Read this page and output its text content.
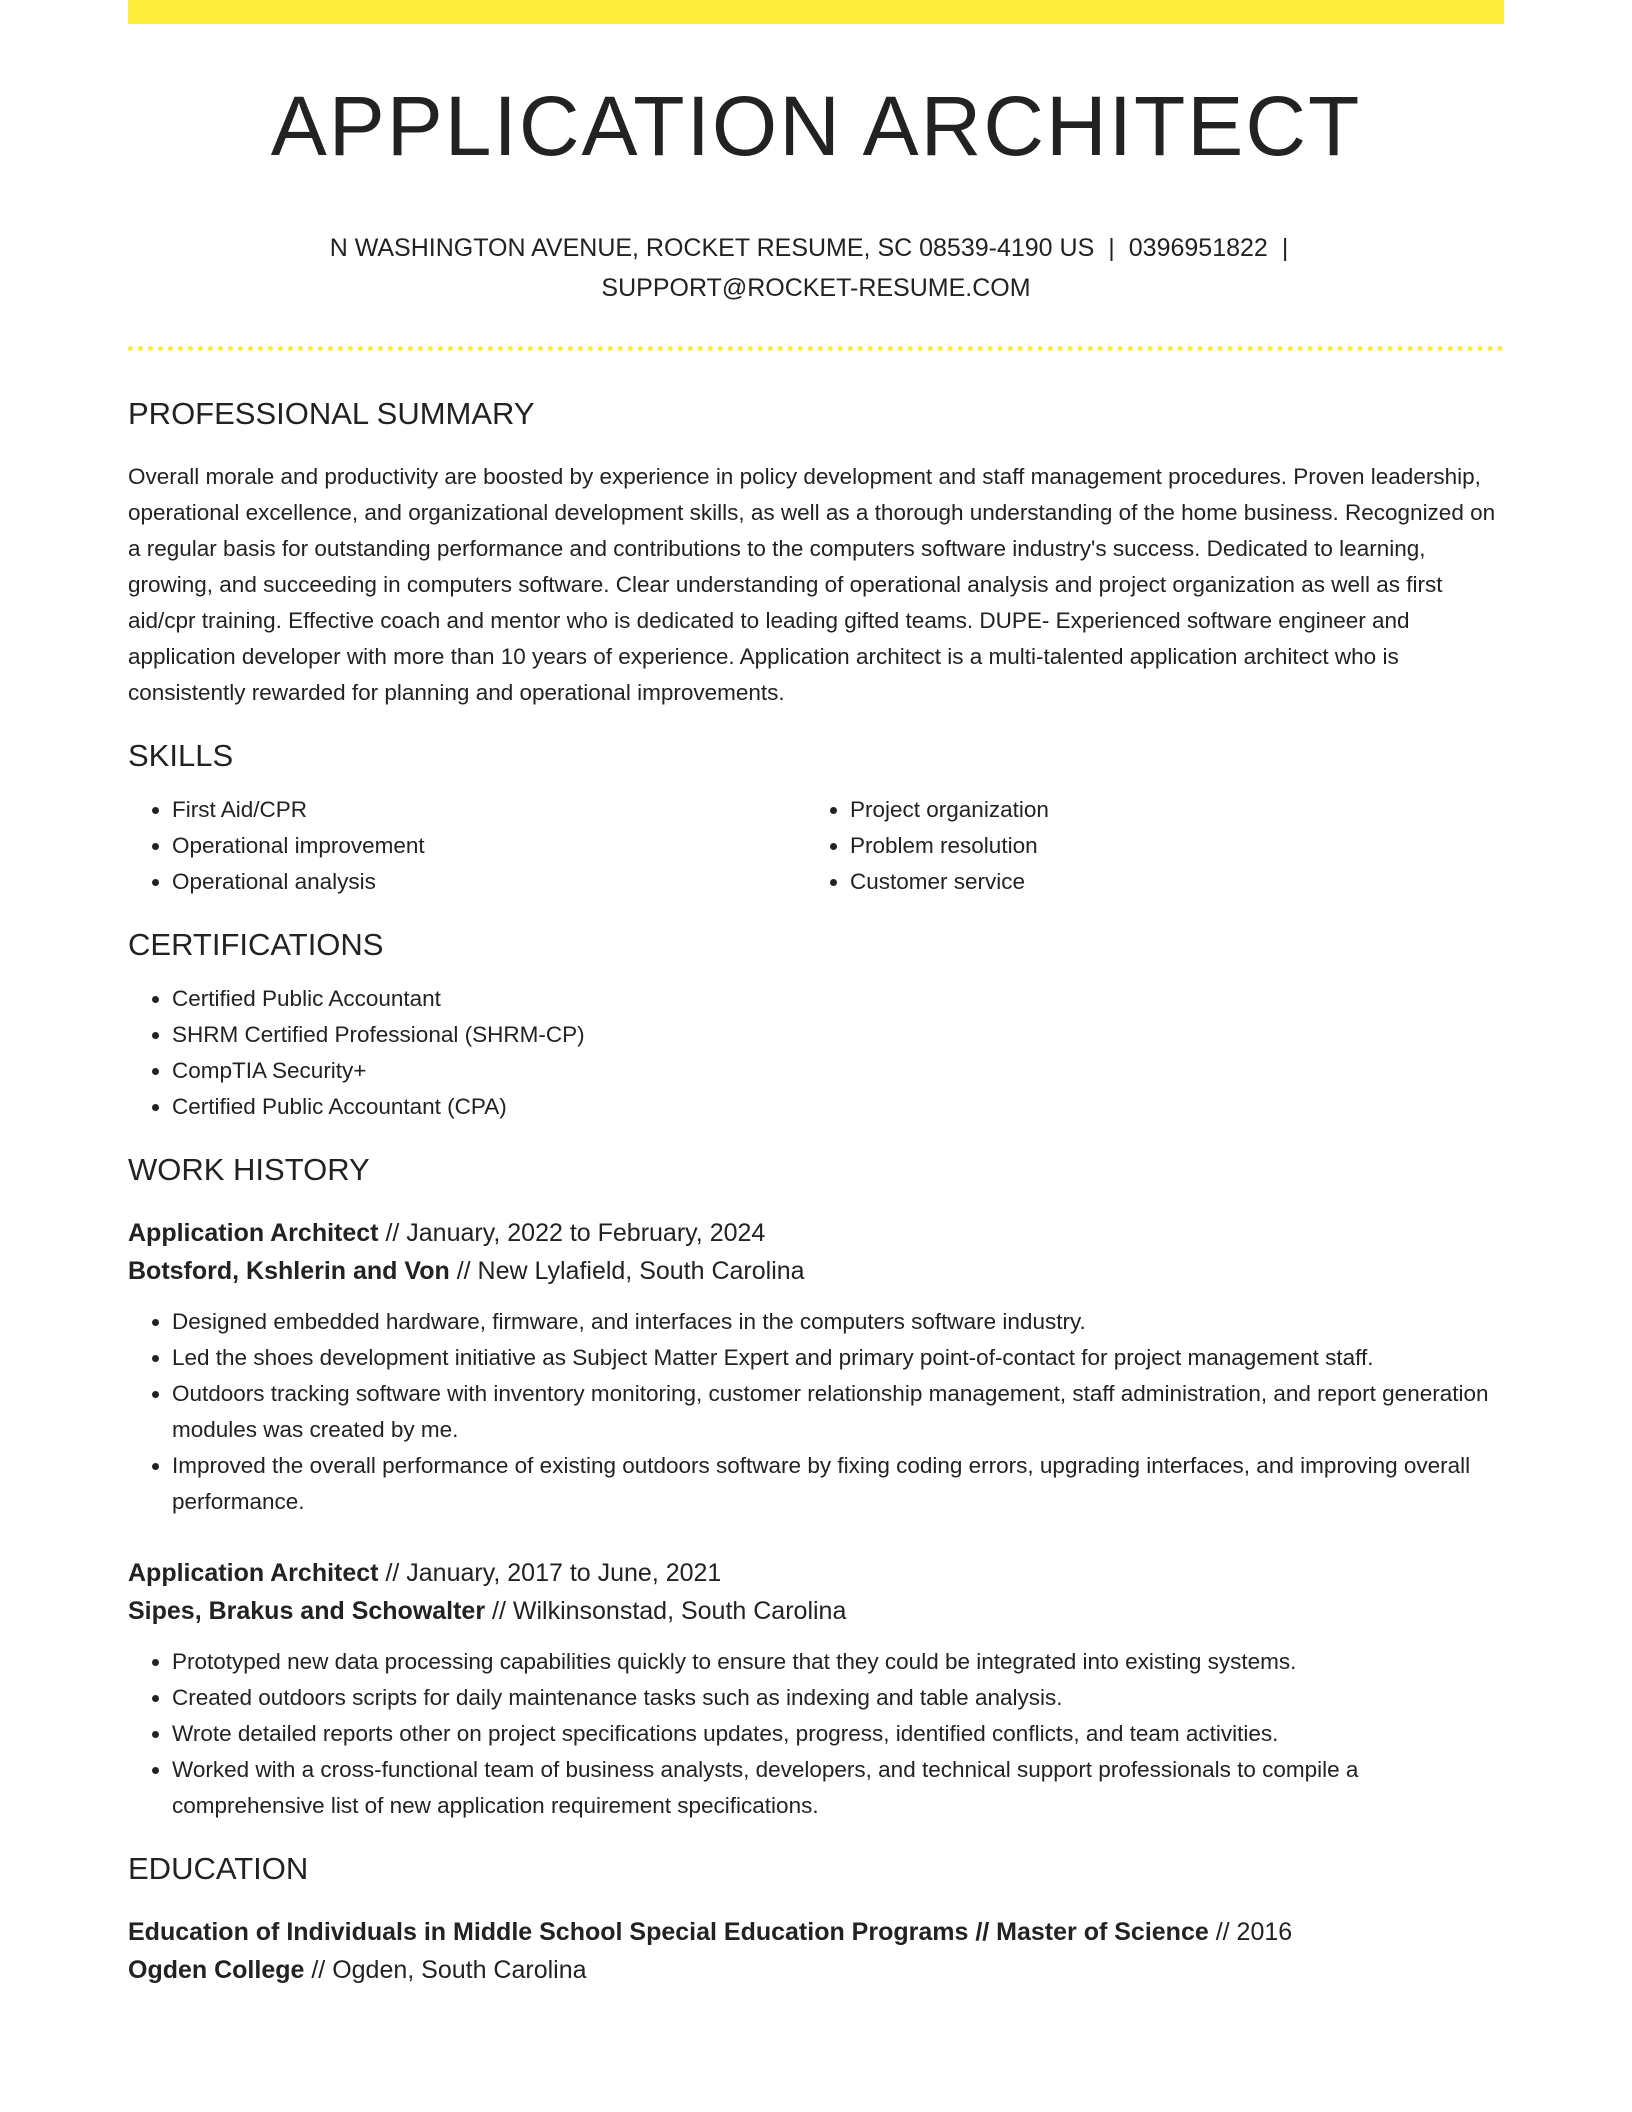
APPLICATION ARCHITECT
N WASHINGTON AVENUE, ROCKET RESUME, SC 08539-4190 US | 0396951822 |
SUPPORT@ROCKET-RESUME.COM
PROFESSIONAL SUMMARY

Overall morale and productivity are boosted by experience in policy development and staff management procedures. Proven leadership, operational excellence, and organizational development skills, as well as a thorough understanding of the home business. Recognized on a regular basis for outstanding performance and contributions to the computers software industry's success. Dedicated to learning, growing, and succeeding in computers software. Clear understanding of operational analysis and project organization as well as first aid/cpr training. Effective coach and mentor who is dedicated to leading gifted teams. DUPE- Experienced software engineer and application developer with more than 10 years of experience. Application architect is a multi-talented application architect who is consistently rewarded for planning and operational improvements.

SKILLS
• First Aid/CPR
• Operational improvement
• Operational analysis
• Project organization
• Problem resolution
• Customer service
CERTIFICATIONS
• Certified Public Accountant
• SHRM Certified Professional (SHRM-CP)
• CompTIA Security+
• Certified Public Accountant (CPA)
WORK HISTORY
Application Architect // January, 2022 to February, 2024
Botsford, Kshlerin and Von // New Lylafield, South Carolina
• Designed embedded hardware, firmware, and interfaces in the computers software industry.
• Led the shoes development initiative as Subject Matter Expert and primary point-of-contact for project management staff.
• Outdoors tracking software with inventory monitoring, customer relationship management, staff administration, and report generation modules was created by me.
• Improved the overall performance of existing outdoors software by fixing coding errors, upgrading interfaces, and improving overall performance.
Application Architect // January, 2017 to June, 2021
Sipes, Brakus and Schowalter // Wilkinsonstad, South Carolina
• Prototyped new data processing capabilities quickly to ensure that they could be integrated into existing systems.
• Created outdoors scripts for daily maintenance tasks such as indexing and table analysis.
• Wrote detailed reports other on project specifications updates, progress, identified conflicts, and team activities.
• Worked with a cross-functional team of business analysts, developers, and technical support professionals to compile a comprehensive list of new application requirement specifications.
EDUCATION
Education of Individuals in Middle School Special Education Programs // Master of Science // 2016
Ogden College // Ogden, South Carolina
